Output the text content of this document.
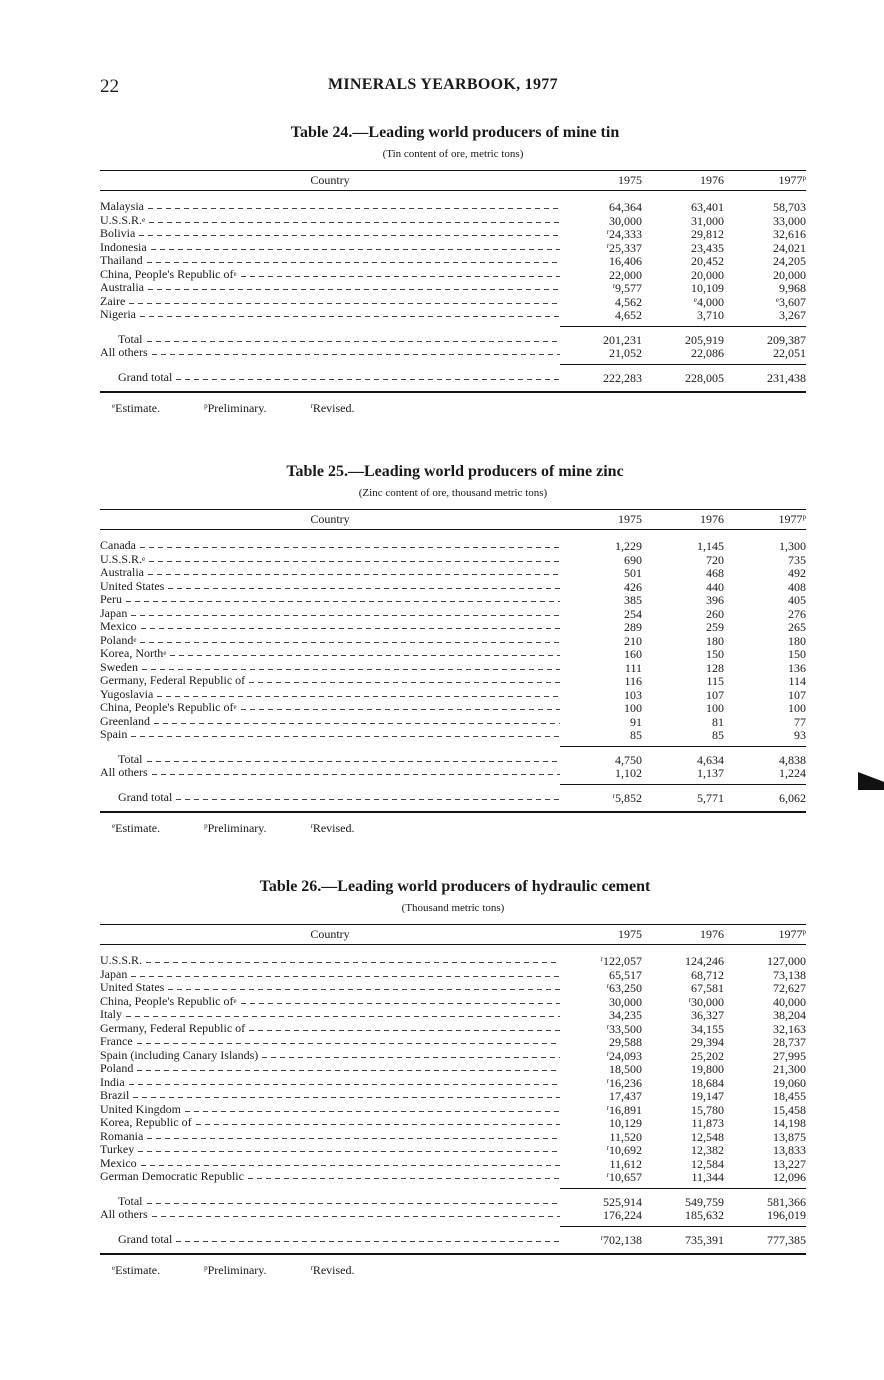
22	MINERALS YEARBOOK, 1977
Table 24.—Leading world producers of mine tin
(Tin content of ore, metric tons)
Country	1975	1976	1977$^p$
Malaysia	64,364	63,401	58,703
U.S.S.R. e	30,000	31,000	33,000
Bolivia	$^r$24,333	29,812	32,616
Indonesia	$^r$25,337	23,435	24,021
Thailand	16,406	20,452	24,205
China, People's Republic of e	22,000	20,000	20,000
Australia	$^r$9,577	10,109	9,968
Zaire	4,562	$^e$4,000	$^e$3,607
Nigeria	4,652	3,710	3,267
Total	201,231	205,919	209,387
All others	21,052	22,086	22,051
Grand total	222,283	228,005	231,438
$^e$Estimate.	$^p$Preliminary.	$^r$Revised.
Table 25.—Leading world producers of mine zinc
(Zinc content of ore, thousand metric tons)
Country	1975	1976	1977$^p$
Canada	1,229	1,145	1,300
U.S.S.R. e	690	720	735
Australia	501	468	492
United States	426	440	408
Peru	385	396	405
Japan	254	260	276
Mexico	289	259	265
Poland e	210	180	180
Korea, North e	160	150	150
Sweden	111	128	136
Germany, Federal Republic of	116	115	114
Yugoslavia	103	107	107
China, People's Republic of e	100	100	100
Greenland	91	81	77
Spain	85	85	93
Total	4,750	4,634	4,838
All others	1,102	1,137	1,224
Grand total	$^r$5,852	5,771	6,062
$^e$Estimate.	$^p$Preliminary.	$^r$Revised.
Table 26.—Leading world producers of hydraulic cement
(Thousand metric tons)
Country	1975	1976	1977$^p$
U.S.S.R.	$^r$122,057	124,246	127,000
Japan	65,517	68,712	73,138
United States	$^r$63,250	67,581	72,627
China, People's Republic of e	30,000	$^r$30,000	40,000
Italy	34,235	36,327	38,204
Germany, Federal Republic of	$^r$33,500	34,155	32,163
France	29,588	29,394	28,737
Spain (including Canary Islands)	$^r$24,093	25,202	27,995
Poland	18,500	19,800	21,300
India	$^r$16,236	18,684	19,060
Brazil	17,437	19,147	18,455
United Kingdom	$^r$16,891	15,780	15,458
Korea, Republic of	10,129	11,873	14,198
Romania	11,520	12,548	13,875
Turkey	$^r$10,692	12,382	13,833
Mexico	11,612	12,584	13,227
German Democratic Republic	$^r$10,657	11,344	12,096
Total	525,914	549,759	581,366
All others	176,224	185,632	196,019
Grand total	$^r$702,138	735,391	777,385
$^e$Estimate.	$^p$Preliminary.	$^r$Revised.
